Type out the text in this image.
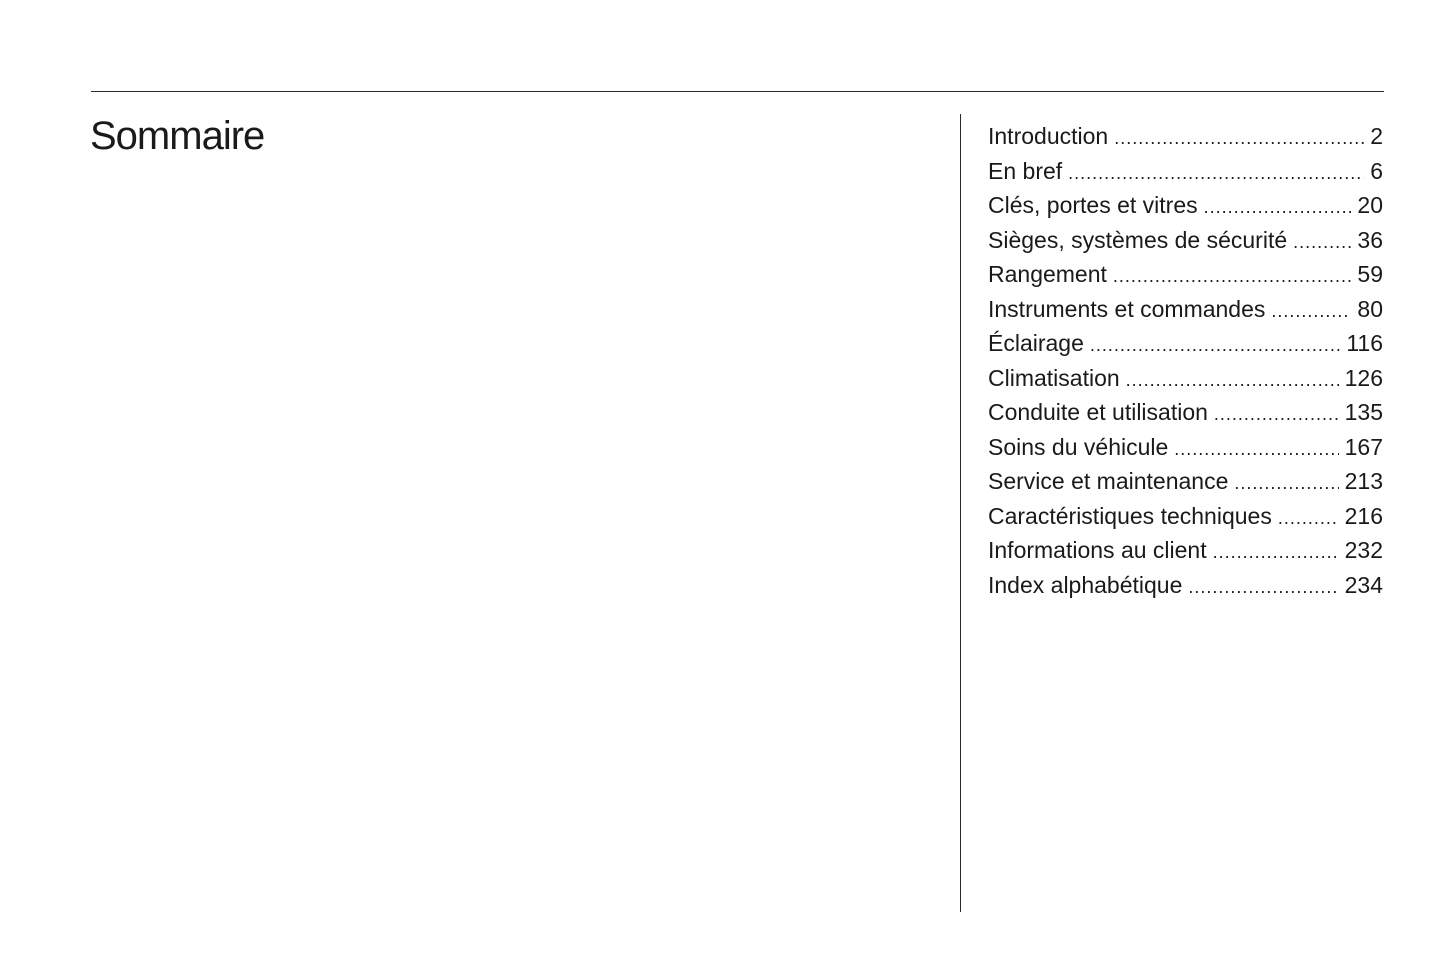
Sommaire	Introduction .....	2
En bref .....	6
Clés, portes et vitres .....	20
Sièges, systèmes de sécurité .....	36
Rangement .....	59
Instruments et commandes .....	80
Éclairage .....	116
Climatisation .....	126
Conduite et utilisation .....	135
Soins du véhicule .....	167
Service et maintenance .....	213
Caractéristiques techniques .....	216
Informations au client .....	232
Index alphabétique .....	234
